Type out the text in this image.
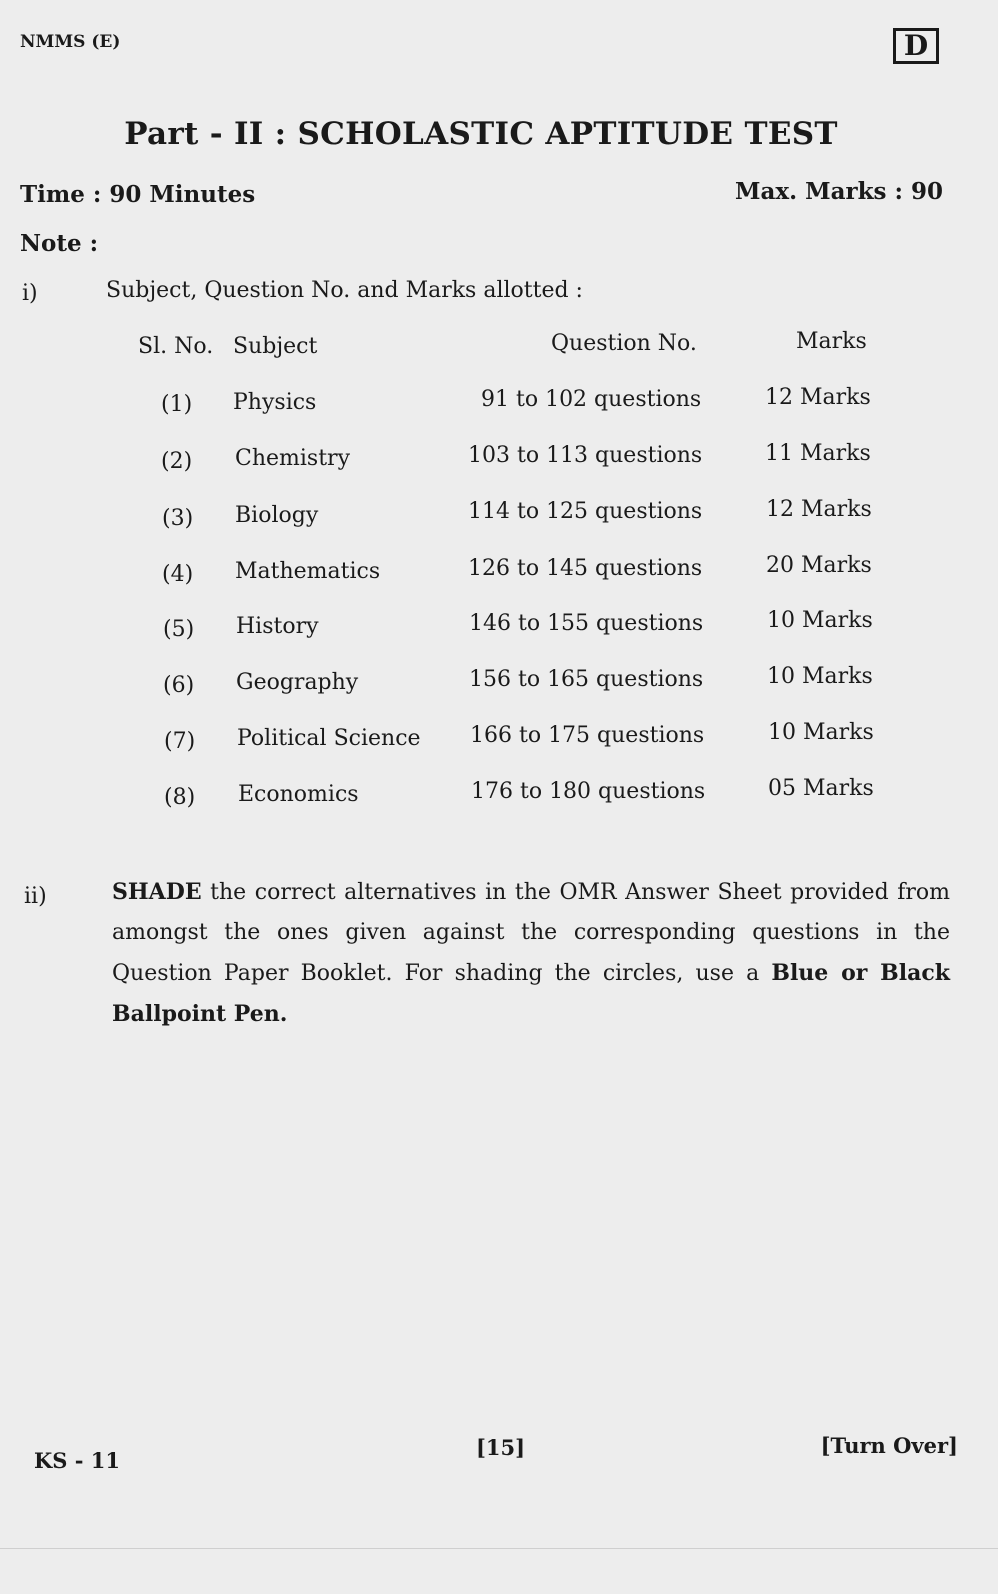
NMMS (E)	D
Part - II : SCHOLASTIC APTITUDE TEST
Time : 90 Minutes	Max. Marks : 90
Note :
i)	Subject, Question No. and Marks allotted :
Sl. No. Subject	Question No.	Marks
(1) Physics	91 to 102 questions	12 Marks
(2) Chemistry	103 to 113 questions	11 Marks
(3) Biology	114 to 125 questions	12 Marks
(4) Mathematics	126 to 145 questions	20 Marks
(5) History	146 to 155 questions	10 Marks
(6) Geography	156 to 165 questions	10 Marks
(7) Political Science 166 to 175 questions	10 Marks
(8) Economics	176 to 180 questions	05 Marks
ii)	SHADE the correct alternatives in the OMR Answer Sheet provided from amongst the ones given against the corresponding questions in the Question Paper Booklet. For shading the circles, use a Blue or Black Ballpoint Pen.
KS - 11
[15]	[Turn Over]
